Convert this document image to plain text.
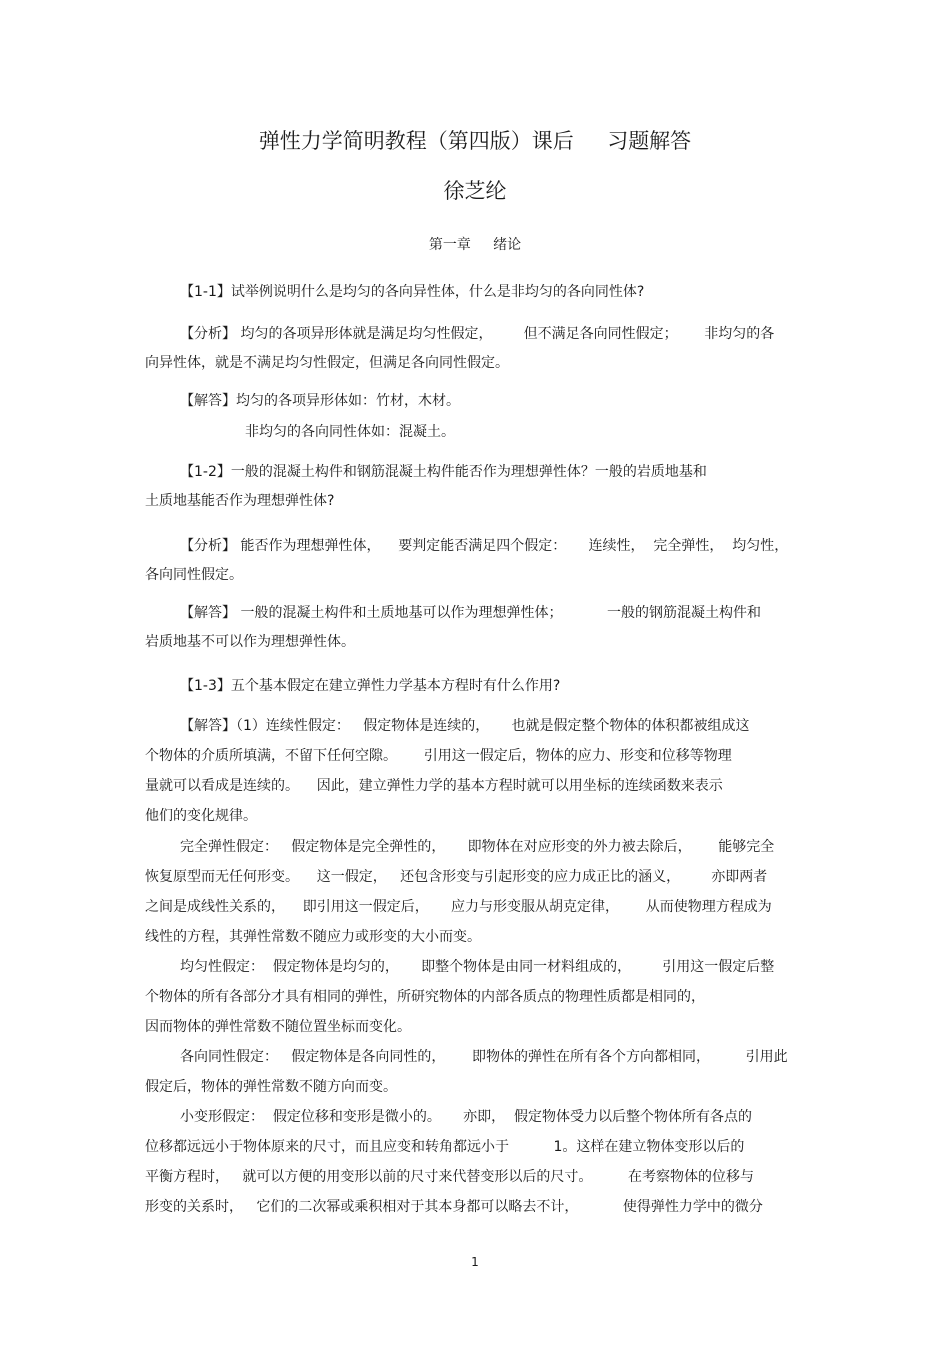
弹性力学简明教程（第四版）课后     习题解答
徐芝纶
第一章     绪论
【1-1】试举例说明什么是均匀的各向异性体，什么是非均匀的各向同性体?
【分析】 均匀的各项异形体就是满足均匀性假定，       但不满足各向同性假定；      非均匀的各
向异性体，就是不满足均匀性假定，但满足各向同性假定。
【解答】均匀的各项异形体如：竹材，木材。
非均匀的各向同性体如：混凝土。
【1-2】一般的混凝土构件和钢筋混凝土构件能否作为理想弹性体？一般的岩质地基和
土质地基能否作为理想弹性体?
【分析】 能否作为理想弹性体，    要判定能否满足四个假定：     连续性，  完全弹性，  均匀性，
各向同性假定。
【解答】 一般的混凝土构件和土质地基可以作为理想弹性体；          一般的钢筋混凝土构件和
岩质地基不可以作为理想弹性体。
【1-3】五个基本假定在建立弹性力学基本方程时有什么作用?
【解答】（1）连续性假定：   假定物体是连续的，     也就是假定整个物体的体积都被组成这
个物体的介质所填满，不留下任何空隙。      引用这一假定后，物体的应力、形变和位移等物理
量就可以看成是连续的。    因此，建立弹性力学的基本方程时就可以用坐标的连续函数来表示
他们的变化规律。
完全弹性假定：   假定物体是完全弹性的，     即物体在对应形变的外力被去除后，      能够完全
恢复原型而无任何形变。    这一假定，   还包含形变与引起形变的应力成正比的涵义，       亦即两者
之间是成线性关系的，    即引用这一假定后，     应力与形变服从胡克定律，      从而使物理方程成为
线性的方程，其弹性常数不随应力或形变的大小而变。
均匀性假定：  假定物体是均匀的，     即整个物体是由同一材料组成的，       引用这一假定后整
个物体的所有各部分才具有相同的弹性，所研究物体的内部各质点的物理性质都是相同的，
因而物体的弹性常数不随位置坐标而变化。
各向同性假定：   假定物体是各向同性的，      即物体的弹性在所有各个方向都相同，        引用此
假定后，物体的弹性常数不随方向而变。
小变形假定：  假定位移和变形是微小的。     亦即，  假定物体受力以后整个物体所有各点的
位移都远远小于物体原来的尺寸，而且应变和转角都远小于          1。这样在建立物体变形以后的
平衡方程时，   就可以方便的用变形以前的尺寸来代替变形以后的尺寸。        在考察物体的位移与
形变的关系时，   它们的二次幂或乘积相对于其本身都可以略去不计，          使得弹性力学中的微分
1
